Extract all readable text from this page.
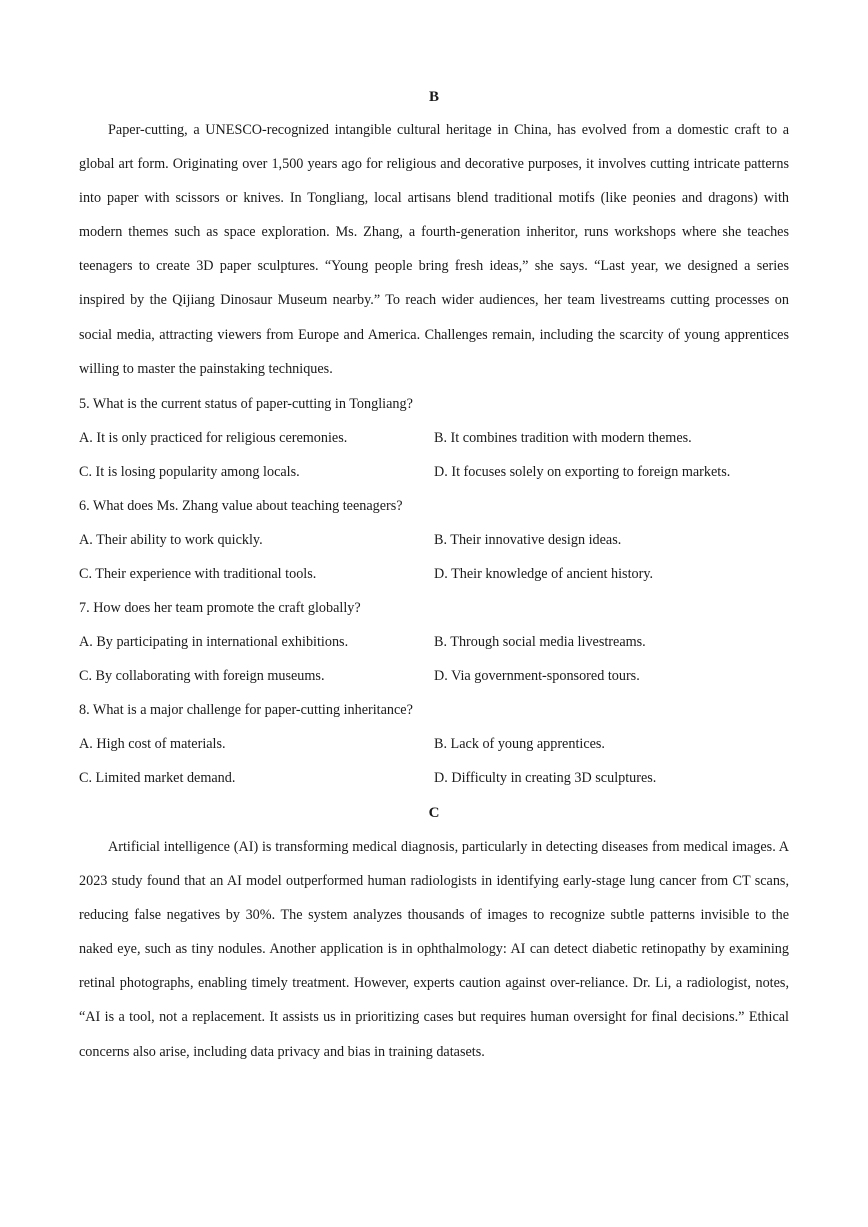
B

Paper-cutting, a UNESCO-recognized intangible cultural heritage in China, has evolved from a domestic craft to a global art form. Originating over 1,500 years ago for religious and decorative purposes, it involves cutting intricate patterns into paper with scissors or knives. In Tongliang, local artisans blend traditional motifs (like peonies and dragons) with modern themes such as space exploration. Ms. Zhang, a fourth-generation inheritor, runs workshops where she teaches teenagers to create 3D paper sculptures. “Young people bring fresh ideas,” she says. “Last year, we designed a series inspired by the Qijiang Dinosaur Museum nearby.” To reach wider audiences, her team livestreams cutting processes on social media, attracting viewers from Europe and America. Challenges remain, including the scarcity of young apprentices willing to master the painstaking techniques.

5. What is the current status of paper-cutting in Tongliang?
A. It is only practiced for religious ceremonies.	B. It combines tradition with modern themes.
C. It is losing popularity among locals.	D. It focuses solely on exporting to foreign markets.
6. What does Ms. Zhang value about teaching teenagers?
A. Their ability to work quickly.	B. Their innovative design ideas.
C. Their experience with traditional tools.	D. Their knowledge of ancient history.
7. How does her team promote the craft globally?
A. By participating in international exhibitions.	B. Through social media livestreams.
C. By collaborating with foreign museums.	D. Via government-sponsored tours.
8. What is a major challenge for paper-cutting inheritance?
A. High cost of materials.	B. Lack of young apprentices.
C. Limited market demand.	D. Difficulty in creating 3D sculptures.
C

Artificial intelligence (AI) is transforming medical diagnosis, particularly in detecting diseases from medical images. A 2023 study found that an AI model outperformed human radiologists in identifying early-stage lung cancer from CT scans, reducing false negatives by 30%. The system analyzes thousands of images to recognize subtle patterns invisible to the naked eye, such as tiny nodules. Another application is in ophthalmology: AI can detect diabetic retinopathy by examining retinal photographs, enabling timely treatment. However, experts caution against over-reliance. Dr. Li, a radiologist, notes, “AI is a tool, not a replacement. It assists us in prioritizing cases but requires human oversight for final decisions.” Ethical concerns also arise, including data privacy and bias in training datasets.
